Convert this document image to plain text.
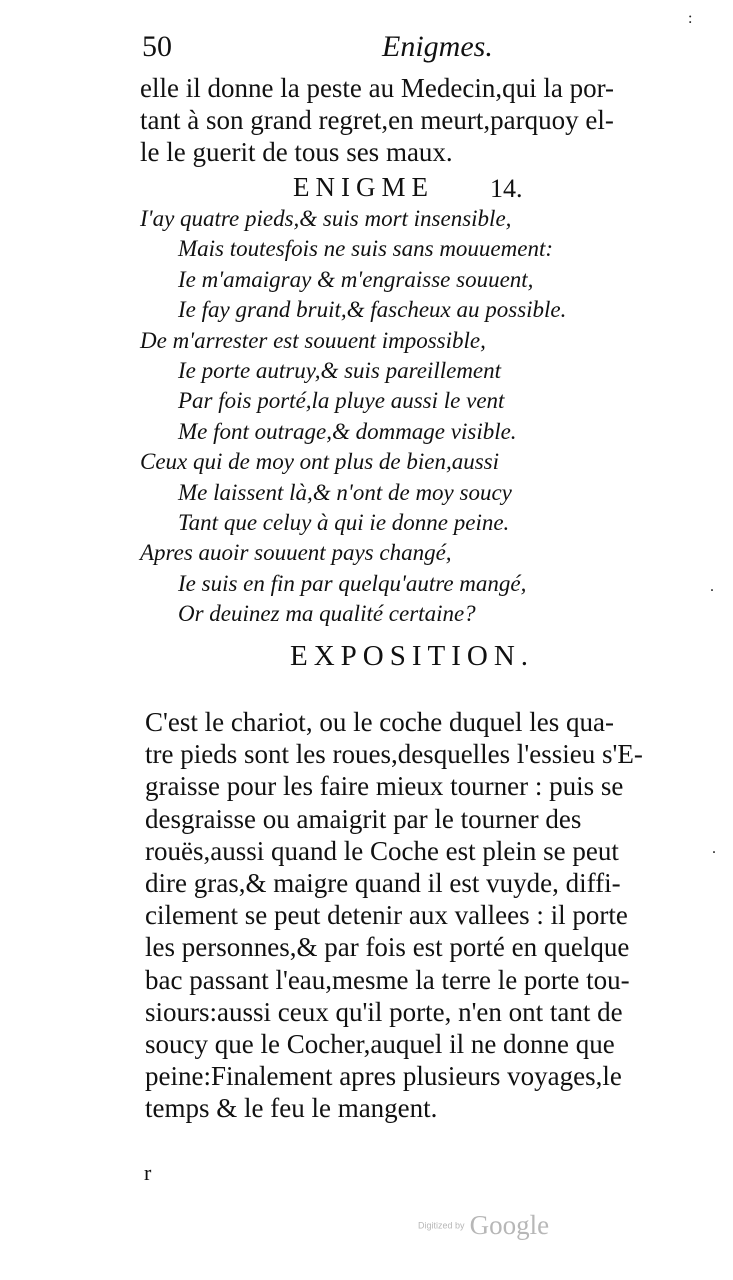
50	Enigmes.
elle il donne la peste au Medecin,qui la por-
tant à son grand regret,en meurt,parquoy el-
le le guerit de tous ses maux.
ENIGME 14.
I'ay quatre pieds,& suis mort insensible,
Mais toutesfois ne suis sans mouuement:
Ie m'amaigray & m'engraisse souuent,
Ie fay grand bruit,& fascheux au possible.
De m'arrester est souuent impossible,
Ie porte autruy,& suis pareillement
Par fois porté,la pluye aussi le vent
Me font outrage,& dommage visible.
Ceux qui de moy ont plus de bien,aussi
Me laissent là,& n'ont de moy soucy
Tant que celuy à qui ie donne peine.
Apres auoir souuent pays changé,
Ie suis en fin par quelqu'autre mangé,
Or deuinez ma qualité certaine?
EXPOSITION.
C'est le chariot, ou le coche duquel les qua-
tre pieds sont les roues,desquelles l'essieu s'E-
graisse pour les faire mieux tourner : puis se
desgraisse ou amaigrit par le tourner des
rouës,aussi quand le Coche est plein se peut
dire gras,& maigre quand il est vuyde, diffi-
cilement se peut detenir aux vallees : il porte
les personnes,& par fois est porté en quelque
bac passant l'eau,mesme la terre le porte tou-
siours:aussi ceux qu'il porte, n'en ont tant de
soucy que le Cocher,auquel il ne donne que
peine:Finalement apres plusieurs voyages,le
temps & le feu le mangent.
r
:
.
.
Digitized by Google
